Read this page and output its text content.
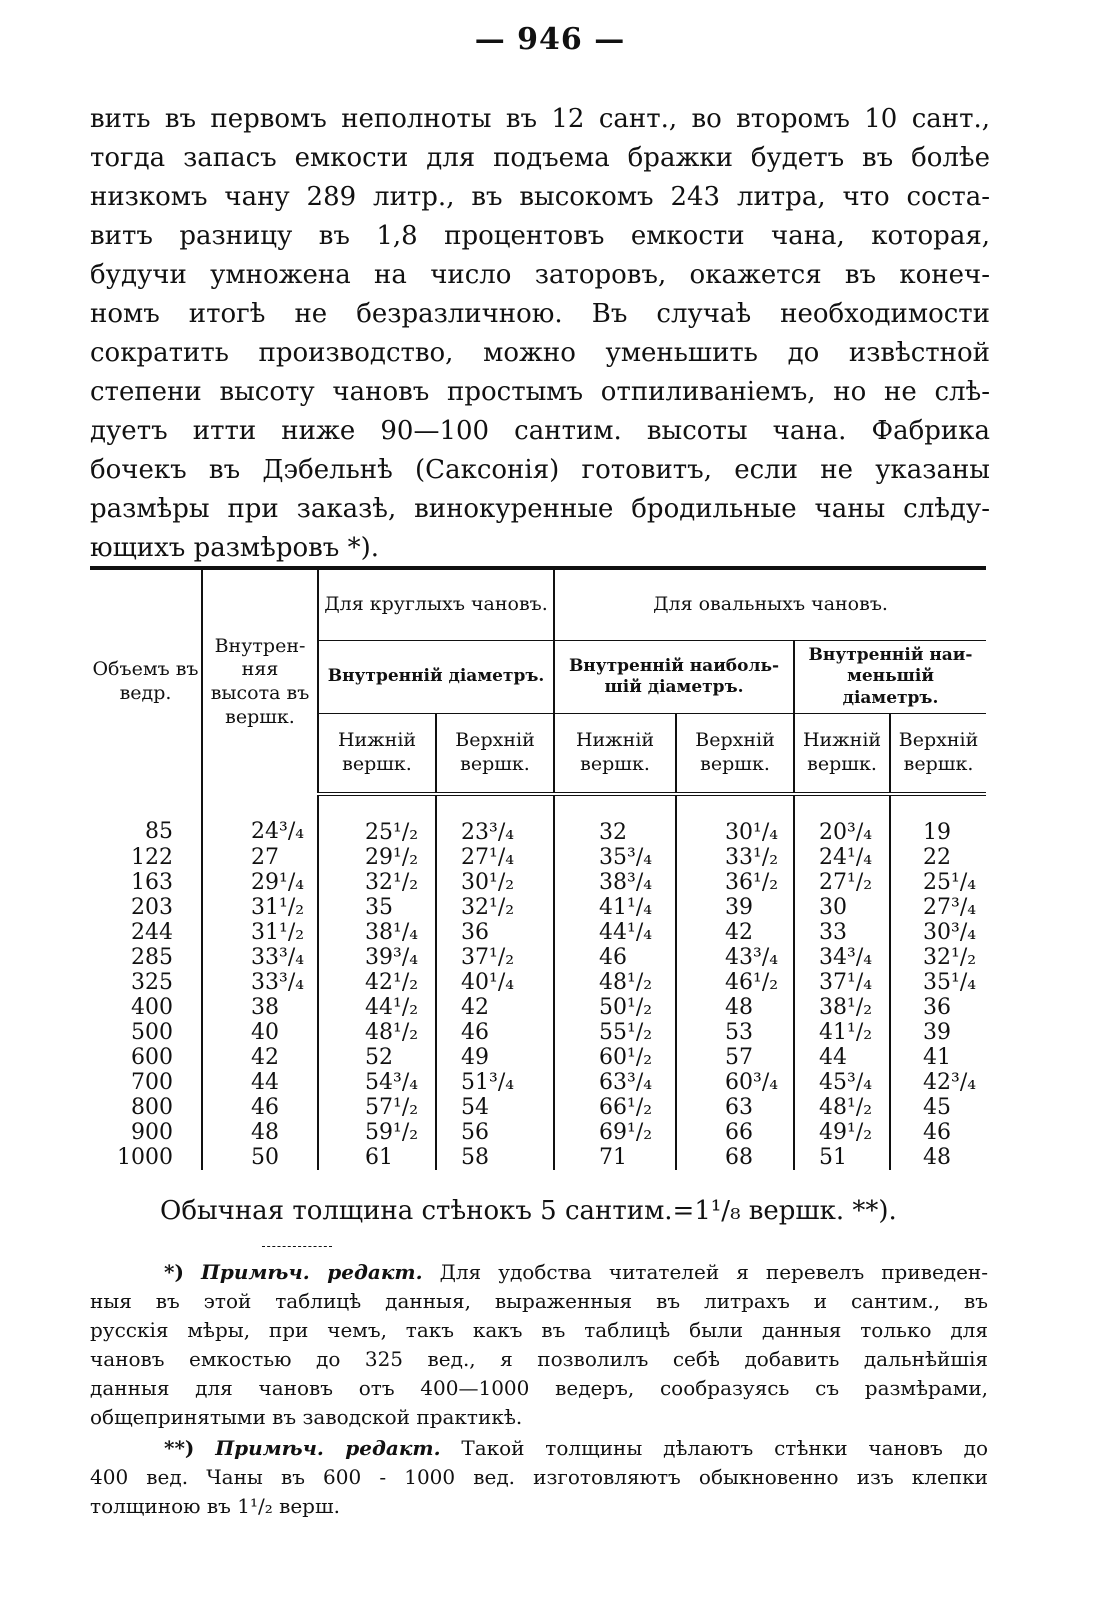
— 946 —
вить въ первомъ неполноты въ 12 сант., во второмъ 10 сант.,
тогда запасъ емкости для подъема бражки будетъ въ болѣе
низкомъ чану 289 литр., въ высокомъ 243 литра, что соста-
витъ разницу въ 1,8 процентовъ емкости чана, которая,
будучи умножена на число заторовъ, окажется въ конеч-
номъ итогѣ не безразличною. Въ случаѣ необходимости
сократить производство, можно уменьшить до извѣстной
степени высоту чановъ простымъ отпиливаніемъ, но не слѣ-
дуетъ итти ниже 90—100 сантим. высоты чана. Фабрика
бочекъ въ Дэбельнѣ (Саксонія) готовитъ, если не указаны
размѣры при заказѣ, винокуренные бродильные чаны слѣду-
ющихъ размѣровъ *).
Объемъ въ ведр.	Внутрен- няя высота въ вершк.	Для круглыхъ чановъ.		Для овальныхъ чановъ.			
		Внутренній діаметръ.		Внутренній наиболь-шій діаметръ.		Внутренній наи-меньшій діаметръ.	
		Нижній вершк.	Верхній вершк.	Нижній вершк.	Верхній вершк.	Нижній вершк.	Верхній вершк.
85	24³/₄	25¹/₂	23³/₄	32	30¹/₄	20³/₄	19
122	27	29¹/₂	27¹/₄	35³/₄	33¹/₂	24¹/₄	22
163	29¹/₄	32¹/₂	30¹/₂	38³/₄	36¹/₂	27¹/₂	25¹/₄
203	31¹/₂	35	32¹/₂	41¹/₄	39	30	27³/₄
244	31¹/₂	38¹/₄	36	44¹/₄	42	33	30³/₄
285	33³/₄	39³/₄	37¹/₂	46	43³/₄	34³/₄	32¹/₂
325	33³/₄	42¹/₂	40¹/₄	48¹/₂	46¹/₂	37¹/₄	35¹/₄
400	38	44¹/₂	42	50¹/₂	48	38¹/₂	36
500	40	48¹/₂	46	55¹/₂	53	41¹/₂	39
600	42	52	49	60¹/₂	57	44	41
700	44	54³/₄	51³/₄	63³/₄	60³/₄	45³/₄	42³/₄
800	46	57¹/₂	54	66¹/₂	63	48¹/₂	45
900	48	59¹/₂	56	69¹/₂	66	49¹/₂	46
1000	50	61	58	71	68	51	48
Обычная толщина стѣнокъ 5 сантим.=1¹/₈ вершк. **).
*) Примѣч. редакт. Для удобства читателей я перевелъ приведен-
ныя въ этой таблицѣ данныя, выраженныя въ литрахъ и сантим., въ
русскія мѣры, при чемъ, такъ какъ въ таблицѣ были данныя только для
чановъ емкостью до 325 вед., я позволилъ себѣ добавить дальнѣйшія
данныя для чановъ отъ 400—1000 ведеръ, сообразуясь съ размѣрами,
общепринятыми въ заводской практикѣ.
**) Примѣч. редакт. Такой толщины дѣлаютъ стѣнки чановъ до
400 вед. Чаны въ 600 - 1000 вед. изготовляютъ обыкновенно изъ клепки
толщиною въ 1¹/₂ верш.
